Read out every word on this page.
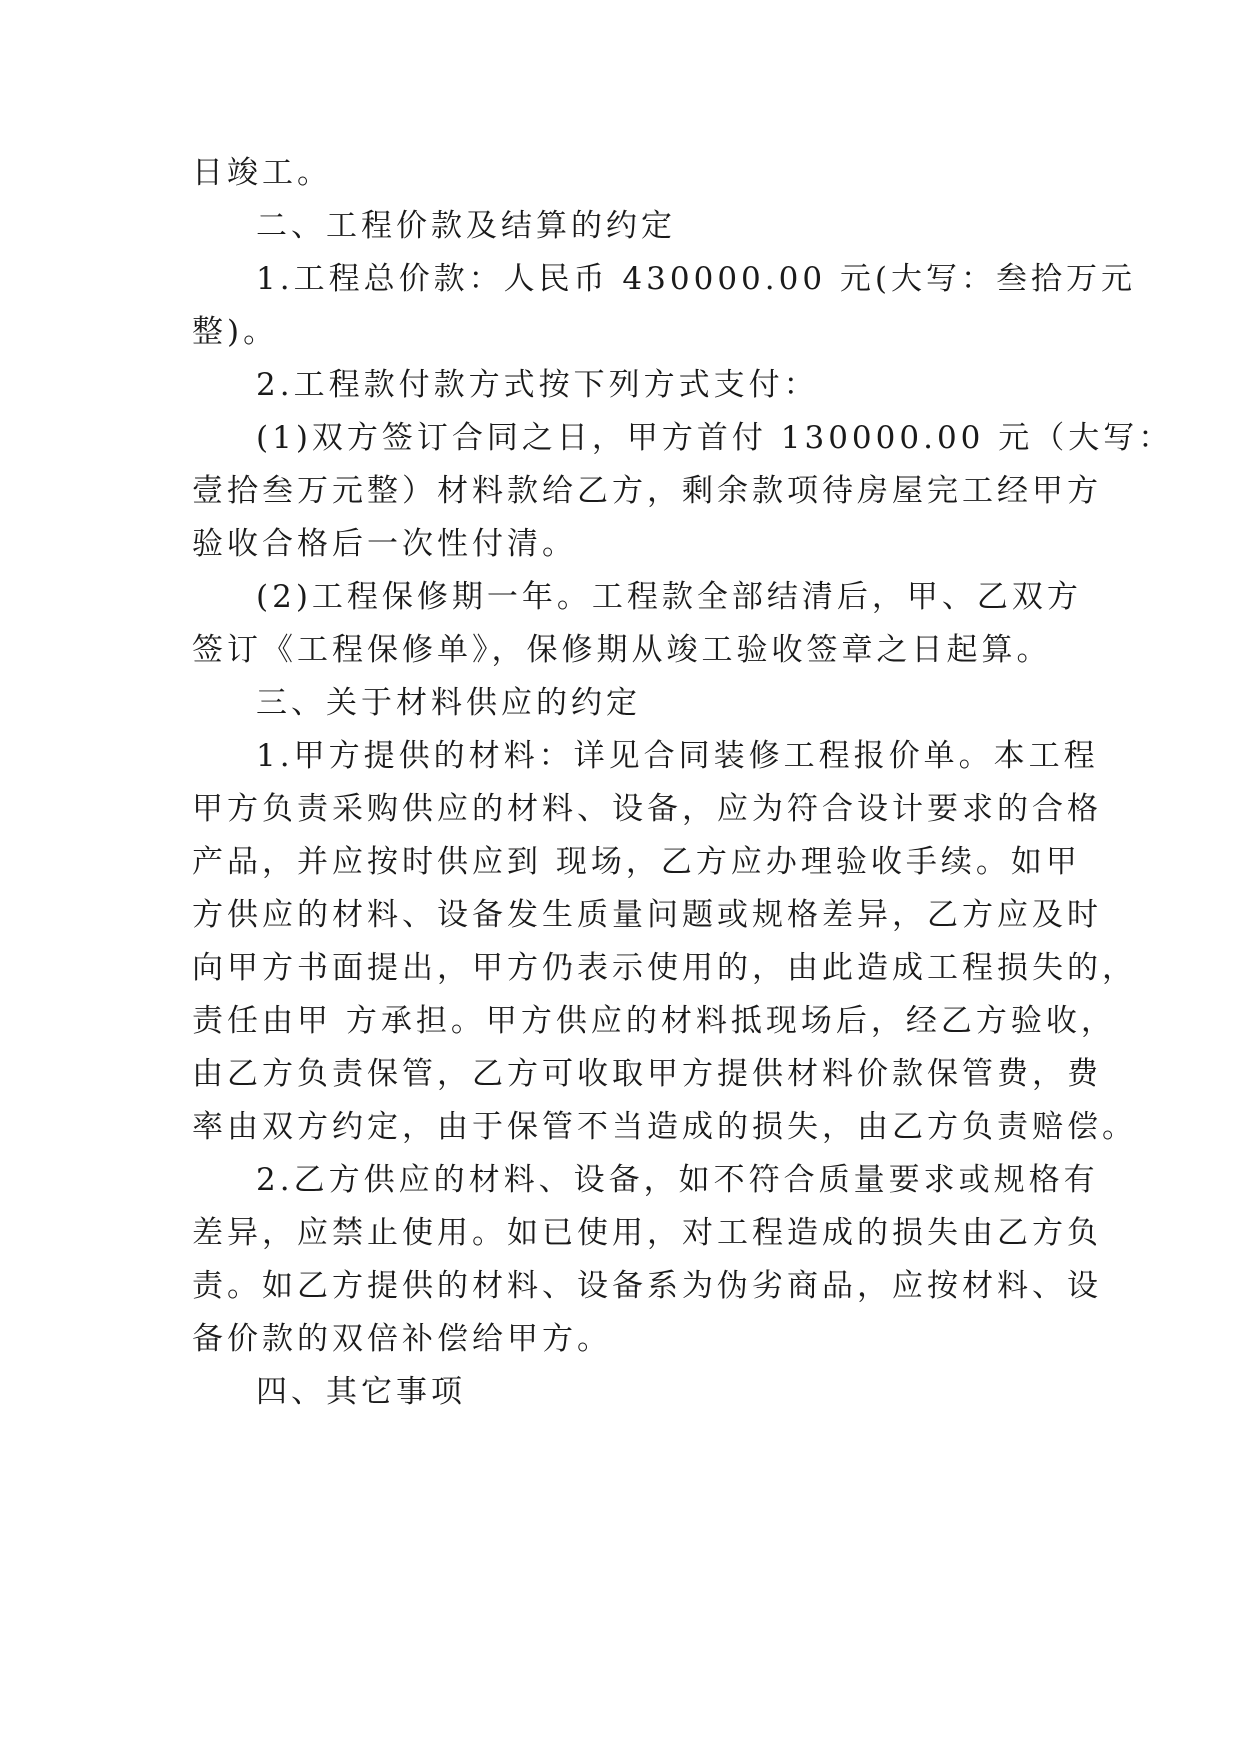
日竣工。
二、工程价款及结算的约定
1.工程总价款：人民币 430000.00 元(大写：叁拾万元
整)。
2.工程款付款方式按下列方式支付：
(1)双方签订合同之日，甲方首付 130000.00 元（大写：
壹拾叁万元整）材料款给乙方，剩余款项待房屋完工经甲方
验收合格后一次性付清。
(2)工程保修期一年。工程款全部结清后，甲、乙双方
签订《工程保修单》，保修期从竣工验收签章之日起算。
三、关于材料供应的约定
1.甲方提供的材料：详见合同装修工程报价单。本工程
甲方负责采购供应的材料、设备，应为符合设计要求的合格
产品，并应按时供应到 现场，乙方应办理验收手续。如甲
方供应的材料、设备发生质量问题或规格差异，乙方应及时
向甲方书面提出，甲方仍表示使用的，由此造成工程损失的，
责任由甲 方承担。甲方供应的材料抵现场后，经乙方验收，
由乙方负责保管，乙方可收取甲方提供材料价款保管费，费
率由双方约定，由于保管不当造成的损失，由乙方负责赔偿。
2.乙方供应的材料、设备，如不符合质量要求或规格有
差异，应禁止使用。如已使用，对工程造成的损失由乙方负
责。如乙方提供的材料、设备系为伪劣商品，应按材料、设
备价款的双倍补偿给甲方。
四、其它事项
